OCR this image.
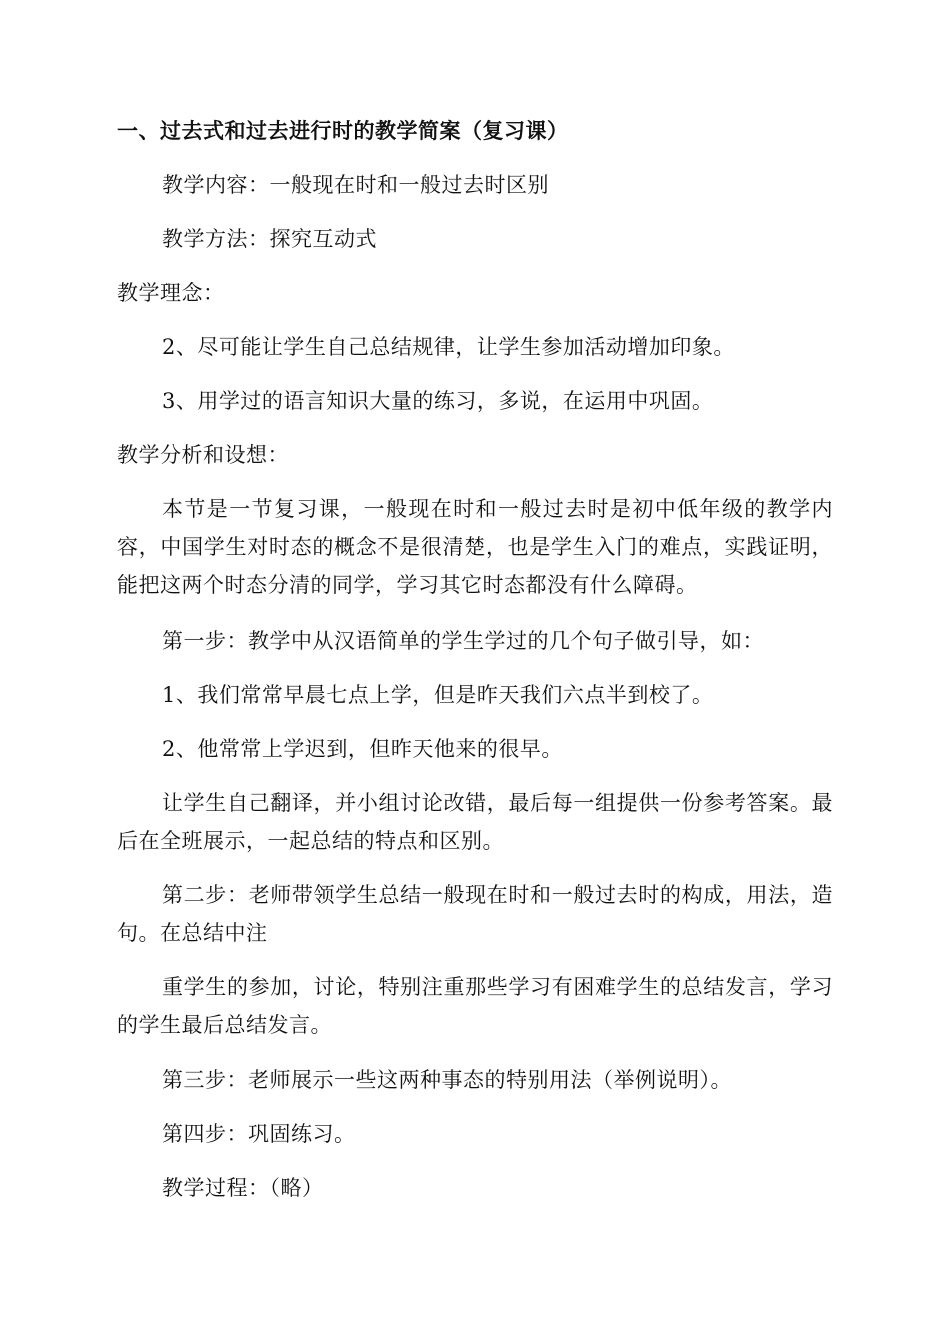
一、过去式和过去进行时的教学简案（复习课）
教学内容：一般现在时和一般过去时区别
教学方法：探究互动式
教学理念：
2、尽可能让学生自己总结规律，让学生参加活动增加印象。
3、用学过的语言知识大量的练习，多说，在运用中巩固。
教学分析和设想：
本节是一节复习课，一般现在时和一般过去时是初中低年级的教学内容，中国学生对时态的概念不是很清楚，也是学生入门的难点，实践证明，能把这两个时态分清的同学，学习其它时态都没有什么障碍。
第一步：教学中从汉语简单的学生学过的几个句子做引导，如：
1、我们常常早晨七点上学，但是昨天我们六点半到校了。
2、他常常上学迟到，但昨天他来的很早。
让学生自己翻译，并小组讨论改错，最后每一组提供一份参考答案。最后在全班展示，一起总结的特点和区别。
第二步：老师带领学生总结一般现在时和一般过去时的构成，用法，造句。在总结中注
重学生的参加，讨论，特别注重那些学习有困难学生的总结发言，学习的学生最后总结发言。
第三步：老师展示一些这两种事态的特别用法（举例说明）。
第四步：巩固练习。
教学过程：（略）
